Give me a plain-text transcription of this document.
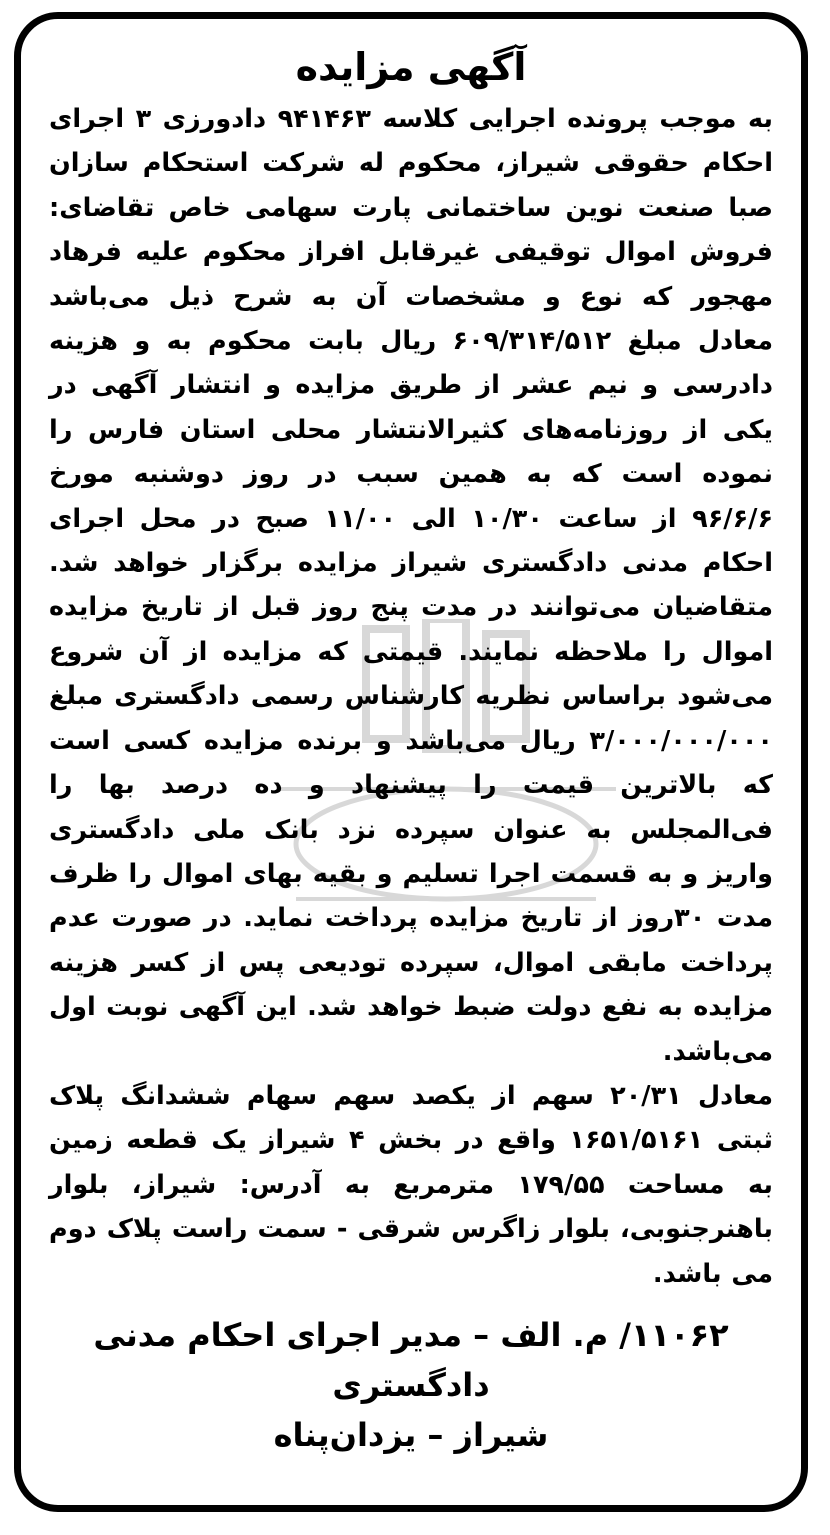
آگهی مزایده

به موجب پرونده اجرایی کلاسه ۹۴۱۴۶۳ دادورزی ۳ اجرای احکام حقوقی شیراز، محکوم له شرکت استحکام سازان صبا صنعت نوین ساختمانی پارت سهامی خاص تقاضای: فروش اموال توقیفی غیرقابل افراز محکوم علیه فرهاد مهجور که نوع و مشخصات آن به شرح ذیل می‌باشد معادل مبلغ ۶۰۹/۳۱۴/۵۱۲ ریال بابت محکوم به و هزینه دادرسی و نیم عشر از طریق مزایده و انتشار آگهی در یکی از روزنامه‌های کثیرالانتشار محلی استان فارس را نموده است که به همین سبب در روز دوشنبه مورخ ۹۶/۶/۶ از ساعت ۱۰/۳۰ الی ۱۱/۰۰ صبح در محل اجرای احکام مدنی دادگستری شیراز مزایده برگزار خواهد شد. متقاضیان می‌توانند در مدت پنج روز قبل از تاریخ مزایده اموال را ملاحظه نمایند. قیمتی که مزایده از آن شروع می‌شود براساس نظریه کارشناس رسمی دادگستری مبلغ ۳/۰۰۰/۰۰۰/۰۰۰ ریال می‌باشد و برنده مزایده کسی است که بالاترین قیمت را پیشنهاد و ده درصد بها را فی‌المجلس به عنوان سپرده نزد بانک ملی دادگستری واریز و به قسمت اجرا تسلیم و بقیه بهای اموال را ظرف مدت ۳۰روز از تاریخ مزایده پرداخت نماید. در صورت عدم پرداخت مابقی اموال، سپرده تودیعی پس از کسر هزینه مزایده به نفع دولت ضبط خواهد شد. این آگهی نوبت اول می‌باشد.

معادل ۲۰/۳۱ سهم از یکصد سهم سهام ششدانگ پلاک ثبتی ۱۶۵۱/۵۱۶۱ واقع در بخش ۴ شیراز یک قطعه زمین به مساحت ۱۷۹/۵۵ مترمربع به آدرس: شیراز، بلوار باهنرجنوبی، بلوار زاگرس شرقی - سمت راست پلاک دوم می باشد.

۱۱۰۶۲/ م. الف – مدیر اجرای احکام مدنی دادگستری
شیراز – یزدان‌پناه
